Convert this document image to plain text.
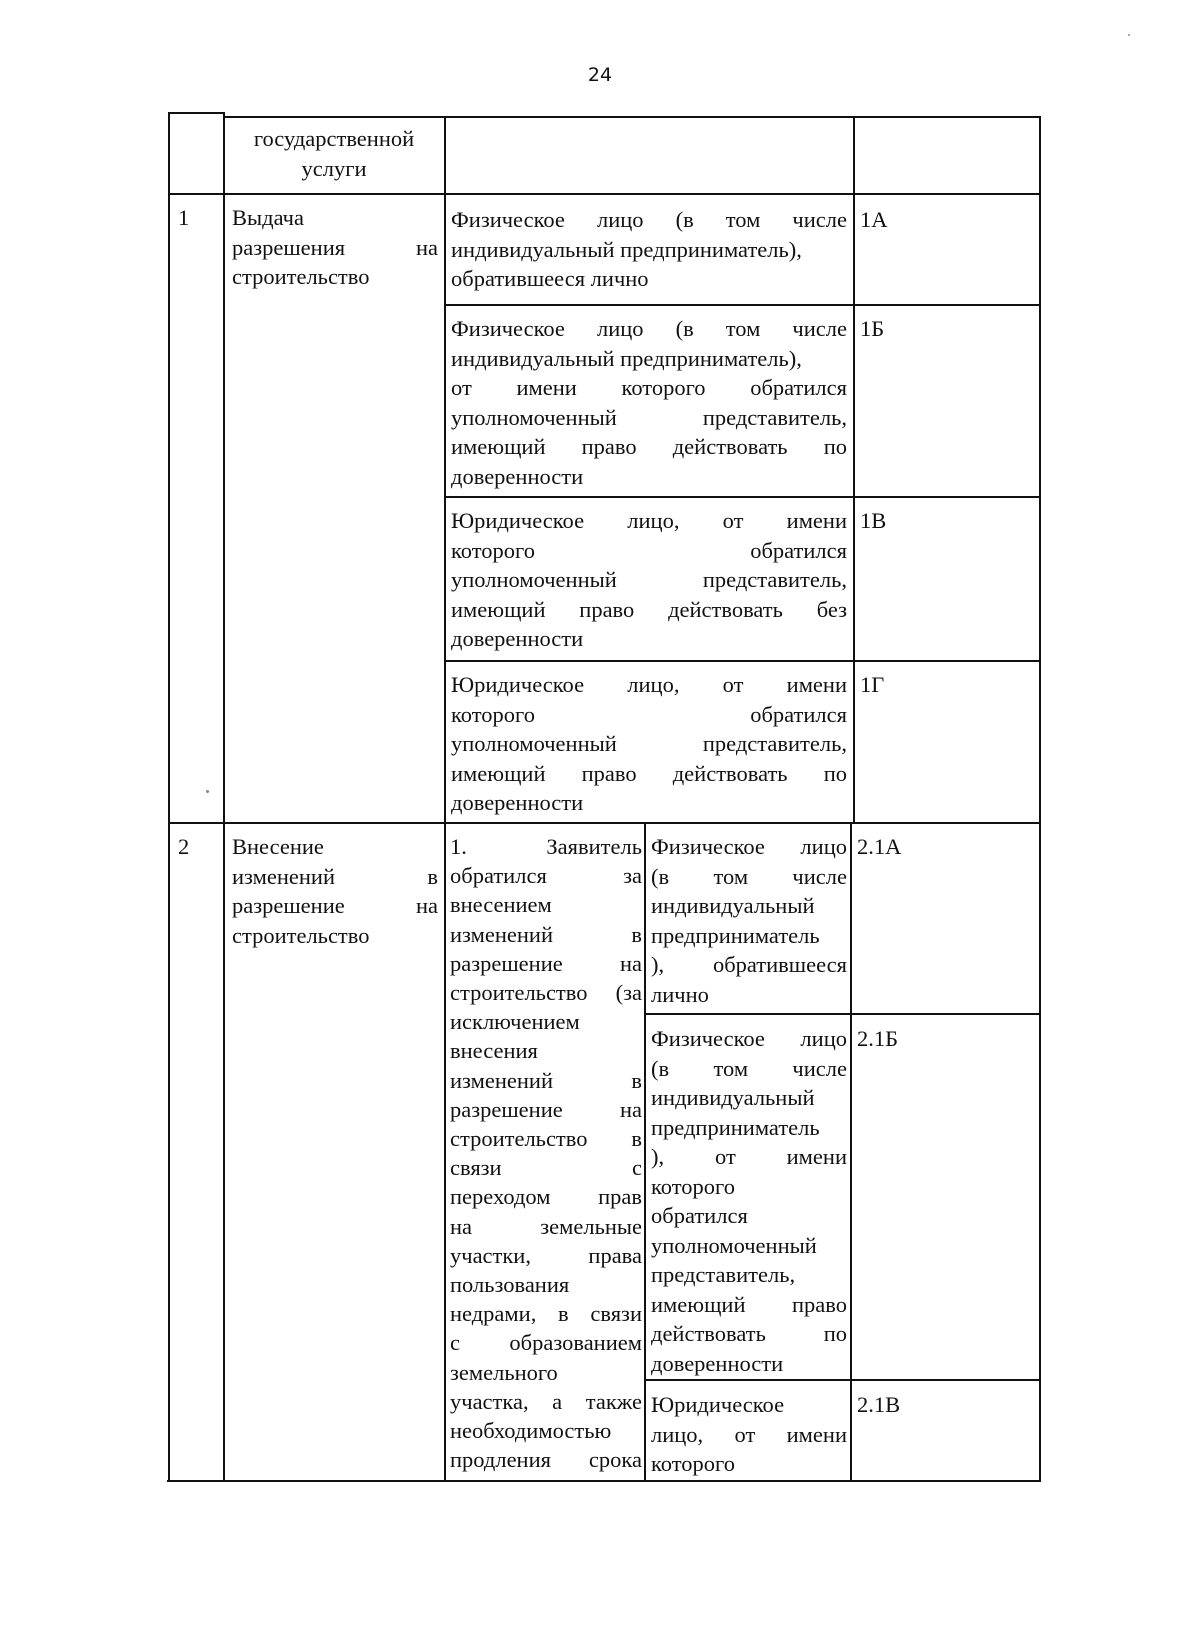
24
государственной
услуги
1	Выдача
разрешения на
строительство
Физическое лицо (в том числе
индивидуальный предприниматель),
обратившееся лично
1А
Физическое лицо (в том числе
индивидуальный предприниматель),
от имени которого обратился
уполномоченный представитель,
имеющий право действовать по
доверенности
1Б
Юридическое лицо, от имени
которого обратился
уполномоченный представитель,
имеющий право действовать без
доверенности
1В
Юридическое лицо, от имени
которого обратился
уполномоченный представитель,
имеющий право действовать по
доверенности
1Г
2	Внесение
изменений в
разрешение на
строительство
1. Заявитель
обратился за
внесением
изменений в
разрешение на
строительство (за
исключением
внесения
изменений в
разрешение на
строительство в
связи с
переходом прав
на земельные
участки, права
пользования
недрами, в связи
с образованием
земельного
участка, а также
необходимостью
продления срока
Физическое лицо
(в том числе
индивидуальный
предприниматель
), обратившееся
лично
2.1А
Физическое лицо
(в том числе
индивидуальный
предприниматель
), от имени
которого
обратился
уполномоченный
представитель,
имеющий право
действовать по
доверенности
2.1Б
Юридическое
лицо, от имени
которого
2.1В
